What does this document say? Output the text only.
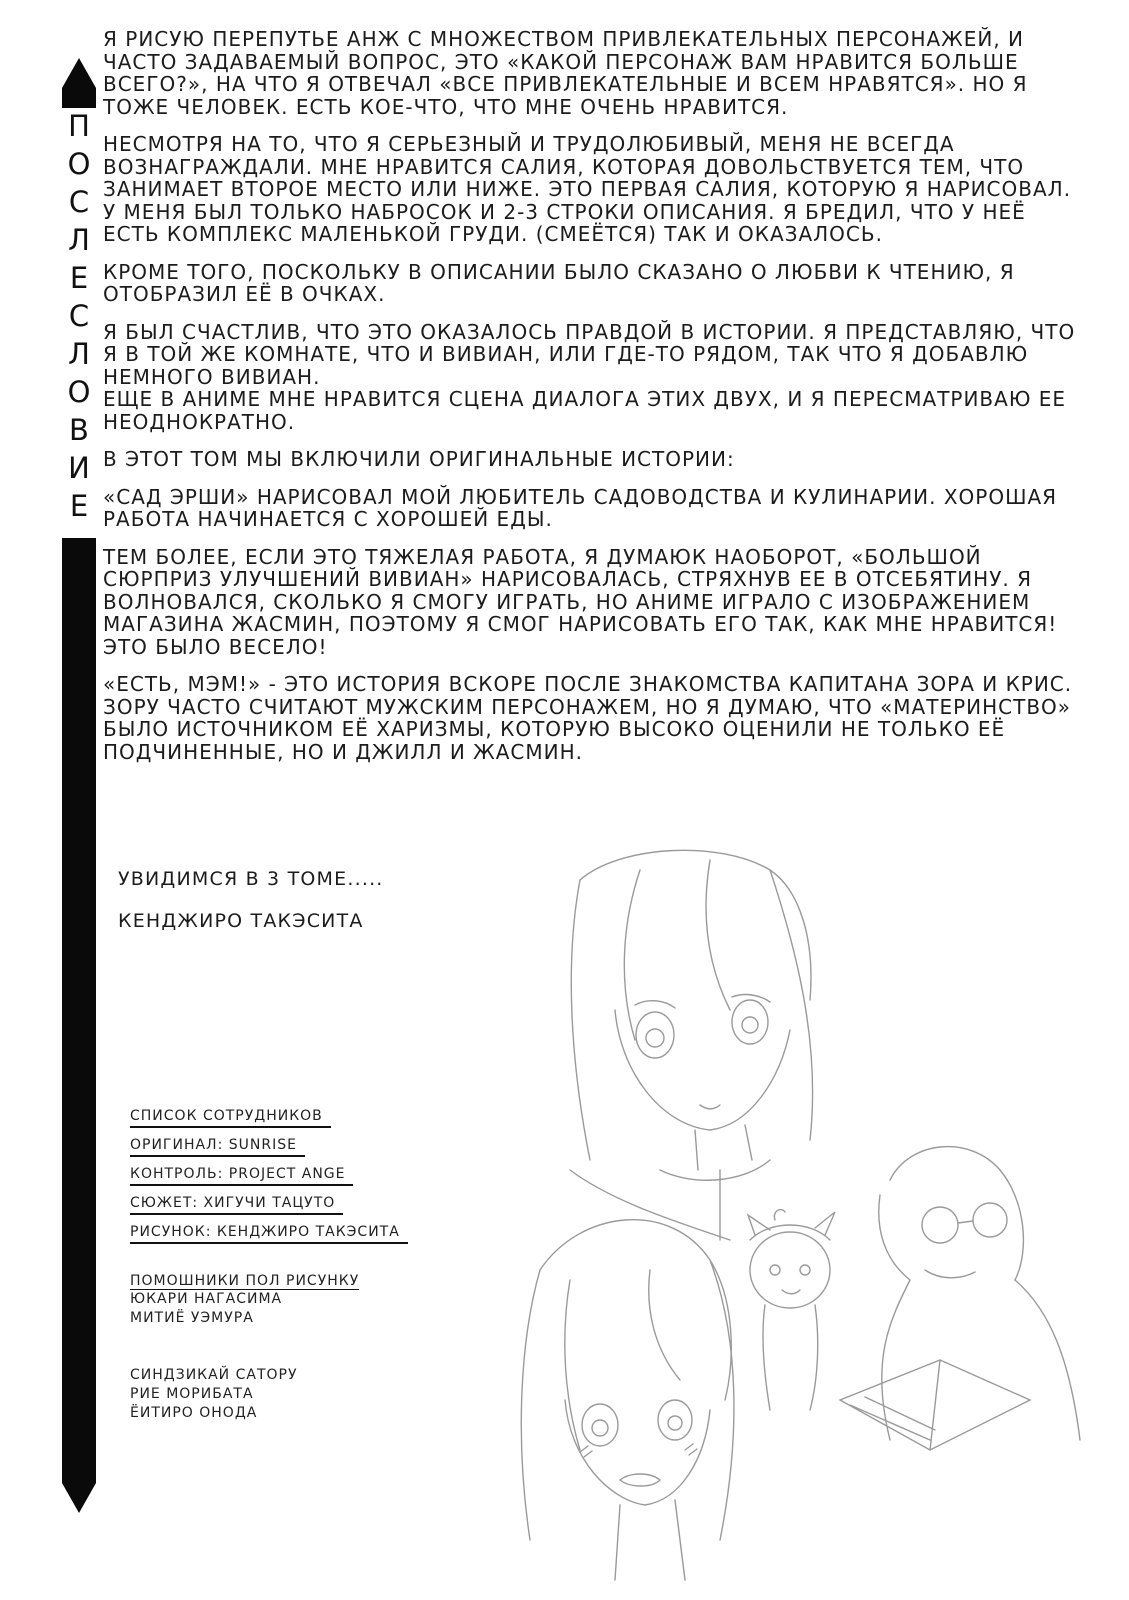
П
О
С
Л
Е
С
Л
О
В
И
Е

Я РИСУЮ ПЕРЕПУТЬЕ АНЖ С МНОЖЕСТВОМ ПРИВЛЕКАТЕЛЬНЫХ ПЕРСОНАЖЕЙ, И ЧАСТО ЗАДАВАЕМЫЙ ВОПРОС, ЭТО «КАКОЙ ПЕРСОНАЖ ВАМ НРАВИТСЯ БОЛЬШЕ ВСЕГО?», НА ЧТО Я ОТВЕЧАЛ «ВСЕ ПРИВЛЕКАТЕЛЬНЫЕ И ВСЕМ НРАВЯТСЯ». НО Я ТОЖЕ ЧЕЛОВЕК. ЕСТЬ КОЕ-ЧТО, ЧТО МНЕ ОЧЕНЬ НРАВИТСЯ.

НЕСМОТРЯ НА ТО, ЧТО Я СЕРЬЕЗНЫЙ И ТРУДОЛЮБИВЫЙ, МЕНЯ НЕ ВСЕГДА ВОЗНАГРАЖДАЛИ. МНЕ НРАВИТСЯ САЛИЯ, КОТОРАЯ ДОВОЛЬСТВУЕТСЯ ТЕМ, ЧТО ЗАНИМАЕТ ВТОРОЕ МЕСТО ИЛИ НИЖЕ. ЭТО ПЕРВАЯ САЛИЯ, КОТОРУЮ Я НАРИСОВАЛ. У МЕНЯ БЫЛ ТОЛЬКО НАБРОСОК И 2-3 СТРОКИ ОПИСАНИЯ. Я БРЕДИЛ, ЧТО У НЕЁ ЕСТЬ КОМПЛЕКС МАЛЕНЬКОЙ ГРУДИ. (СМЕЁТСЯ) ТАК И ОКАЗАЛОСЬ.

КРОМЕ ТОГО, ПОСКОЛЬКУ В ОПИСАНИИ БЫЛО СКАЗАНО О ЛЮБВИ К ЧТЕНИЮ, Я ОТОБРАЗИЛ ЕЁ В ОЧКАХ.

Я БЫЛ СЧАСТЛИВ, ЧТО ЭТО ОКАЗАЛОСЬ ПРАВДОЙ В ИСТОРИИ. Я ПРЕДСТАВЛЯЮ, ЧТО Я В ТОЙ ЖЕ КОМНАТЕ, ЧТО И ВИВИАН, ИЛИ ГДЕ-ТО РЯДОМ, ТАК ЧТО Я ДОБАВЛЮ НЕМНОГО ВИВИАН.
ЕЩЕ В АНИМЕ МНЕ НРАВИТСЯ СЦЕНА ДИАЛОГА ЭТИХ ДВУХ, И Я ПЕРЕСМАТРИВАЮ ЕЕ НЕОДНОКРАТНО.

В ЭТОТ ТОМ МЫ ВКЛЮЧИЛИ ОРИГИНАЛЬНЫЕ ИСТОРИИ:

«САД ЭРШИ» НАРИСОВАЛ МОЙ ЛЮБИТЕЛЬ САДОВОДСТВА И КУЛИНАРИИ. ХОРОШАЯ РАБОТА НАЧИНАЕТСЯ С ХОРОШЕЙ ЕДЫ.

ТЕМ БОЛЕЕ, ЕСЛИ ЭТО ТЯЖЕЛАЯ РАБОТА, Я ДУМАЮК НАОБОРОТ, «БОЛЬШОЙ СЮРПРИЗ УЛУЧШЕНИЙ ВИВИАН» НАРИСОВАЛАСЬ, СТРЯХНУВ ЕЕ В ОТСЕБЯТИНУ. Я ВОЛНОВАЛСЯ, СКОЛЬКО Я СМОГУ ИГРАТЬ, НО АНИМЕ ИГРАЛО С ИЗОБРАЖЕНИЕМ МАГАЗИНА ЖАСМИН, ПОЭТОМУ Я СМОГ НАРИСОВАТЬ ЕГО ТАК, КАК МНЕ НРАВИТСЯ!ЭТО БЫЛО ВЕСЕЛО!

«ЕСТЬ, МЭМ!» - ЭТО ИСТОРИЯ ВСКОРЕ ПОСЛЕ ЗНАКОМСТВА КАПИТАНА ЗОРА И КРИС. ЗОРУ ЧАСТО СЧИТАЮТ МУЖСКИМ ПЕРСОНАЖЕМ, НО Я ДУМАЮ, ЧТО «МАТЕРИНСТВО» БЫЛО ИСТОЧНИКОМ ЕЁ ХАРИЗМЫ, КОТОРУЮ ВЫСОКО ОЦЕНИЛИ НЕ ТОЛЬКО ЕЁ ПОДЧИНЕННЫЕ, НО И ДЖИЛЛ И ЖАСМИН.

УВИДИМСЯ В 3 ТОМЕ.....
КЕНДЖИРО ТАКЭСИТА
СПИСОК СОТРУДНИКОВ
ОРИГИНАЛ: SUNRISE
КОНТРОЛЬ: PROJECT ANGE
СЮЖЕТ: ХИГУЧИ ТАЦУТО
РИСУНОК: КЕНДЖИРО ТАКЭСИТА
ПОМОШНИКИ ПОЛ РИСУНКУ
ЮКАРИ НАГАСИМА
МИТИЁ УЭМУРА
СИНДЗИКАЙ САТОРУ
РИЕ МОРИБАТА
ЁИТИРО ОНОДА
